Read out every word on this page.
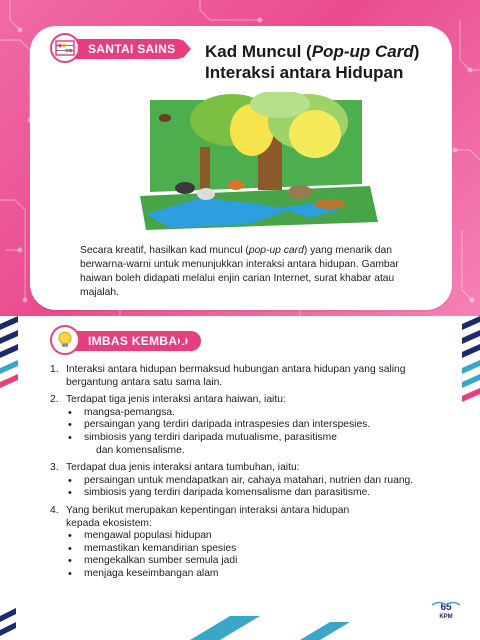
SANTAI SAINS	Kad Muncul (Pop-up Card)
Interaksi antara Hidupan

Secara kreatif, hasilkan kad muncul (pop-up card) yang menarik dan berwarna-warni untuk menunjukkan interaksi antara hidupan. Gambar haiwan boleh didapati melalui enjin carian Internet, surat khabar atau majalah.

IMBAS KEMBALI
1. Interaksi antara hidupan bermaksud hubungan antara hidupan yang saling bergantung antara satu sama lain.
2. Terdapat tiga jenis interaksi antara haiwan, iaitu:
• mangsa-pemangsa.
• persaingan yang terdiri daripada intraspesies dan interspesies.
• simbiosis yang terdiri daripada mutualisme, parasitisme
dan komensalisme.
3. Terdapat dua jenis interaksi antara tumbuhan, iaitu:
• persaingan untuk mendapatkan air, cahaya matahari, nutrien dan ruang.
• simbiosis yang terdiri daripada komensalisme dan parasitisme.
4. Yang berikut merupakan kepentingan interaksi antara hidupan
kepada ekosistem:
• mengawal populasi hidupan
• memastikan kemandirian spesies
• mengekalkan sumber semula jadi
• menjaga keseimbangan alam
65
KPM
